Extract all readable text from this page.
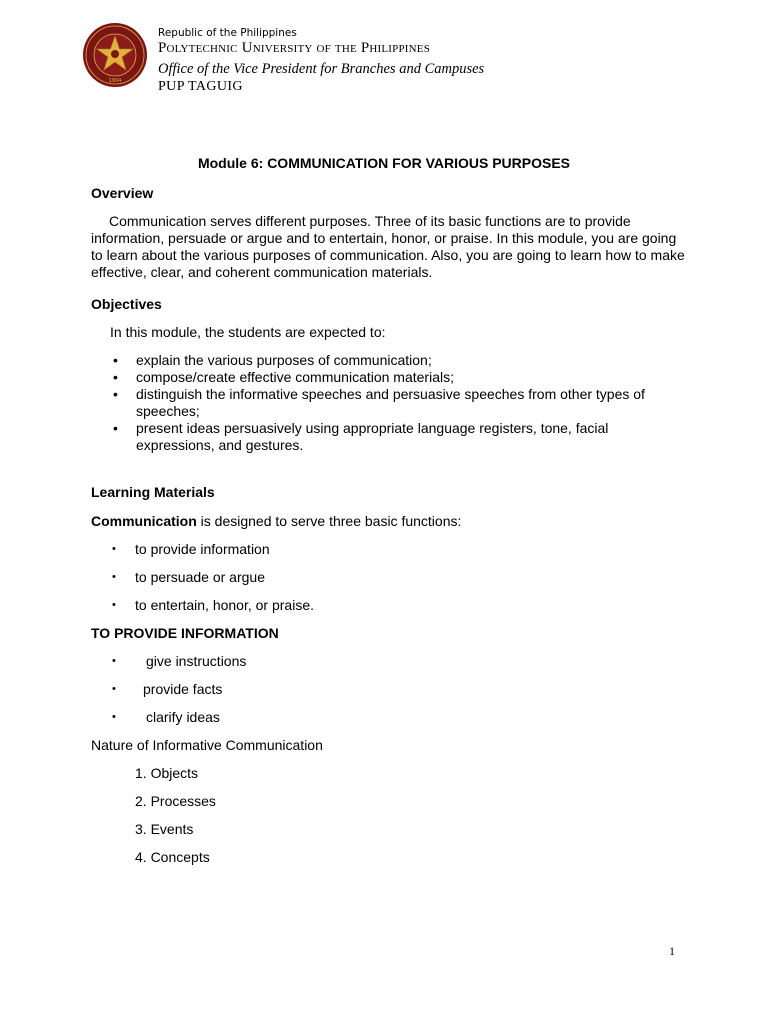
1904
Republic of the Philippines
Polytechnic University of the Philippines
Office of the Vice President for Branches and Campuses
PUP TAGUIG
Module 6: COMMUNICATION FOR VARIOUS PURPOSES
Overview
Communication serves different purposes. Three of its basic functions are to provide information, persuade or argue and to entertain, honor, or praise. In this module, you are going to learn about the various purposes of communication. Also, you are going to learn how to make effective, clear, and coherent communication materials.
Objectives
In this module, the students are expected to:
• explain the various purposes of communication;
• compose/create effective communication materials;
• distinguish the informative speeches and persuasive speeches from other types of speeches;
• present ideas persuasively using appropriate language registers, tone, facial expressions, and gestures.
Learning Materials
Communication is designed to serve three basic functions:
• to provide information
• to persuade or argue
• to entertain, honor, or praise.
TO PROVIDE INFORMATION
• give instructions
• provide facts
• clarify ideas
Nature of Informative Communication
1. Objects
2. Processes
3. Events
4. Concepts
1
